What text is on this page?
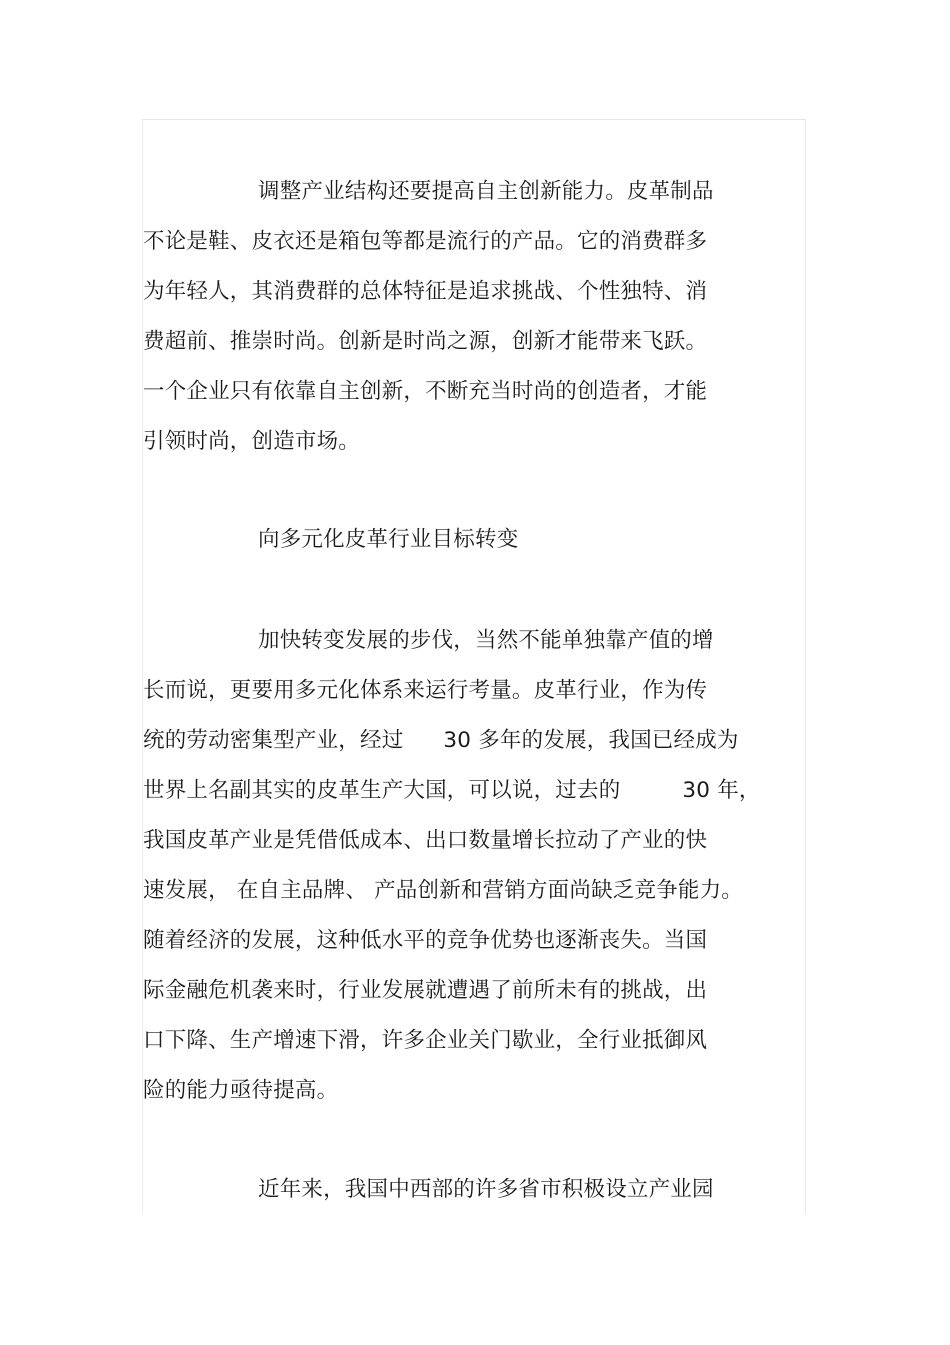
调整产业结构还要提高自主创新能力。皮革制品
不论是鞋、皮衣还是箱包等都是流行的产品。它的消费群多
为年轻人，其消费群的总体特征是追求挑战、个性独特、消
费超前、推崇时尚。创新是时尚之源，创新才能带来飞跃。
一个企业只有依靠自主创新，不断充当时尚的创造者，才能
引领时尚，创造市场。
向多元化皮革行业目标转变
加快转变发展的步伐，当然不能单独靠产值的增
长而说，更要用多元化体系来运行考量。皮革行业，作为传
统的劳动密集型产业，经过 30 多年的发展，我国已经成为
世界上名副其实的皮革生产大国，可以说，过去的	30 年，
我国皮革产业是凭借低成本、出口数量增长拉动了产业的快
速发展， 在自主品牌、 产品创新和营销方面尚缺乏竞争能力。
随着经济的发展，这种低水平的竞争优势也逐渐丧失。当国
际金融危机袭来时，行业发展就遭遇了前所未有的挑战，出
口下降、生产增速下滑，许多企业关门歇业，全行业抵御风
险的能力亟待提高。
近年来，我国中西部的许多省市积极设立产业园
